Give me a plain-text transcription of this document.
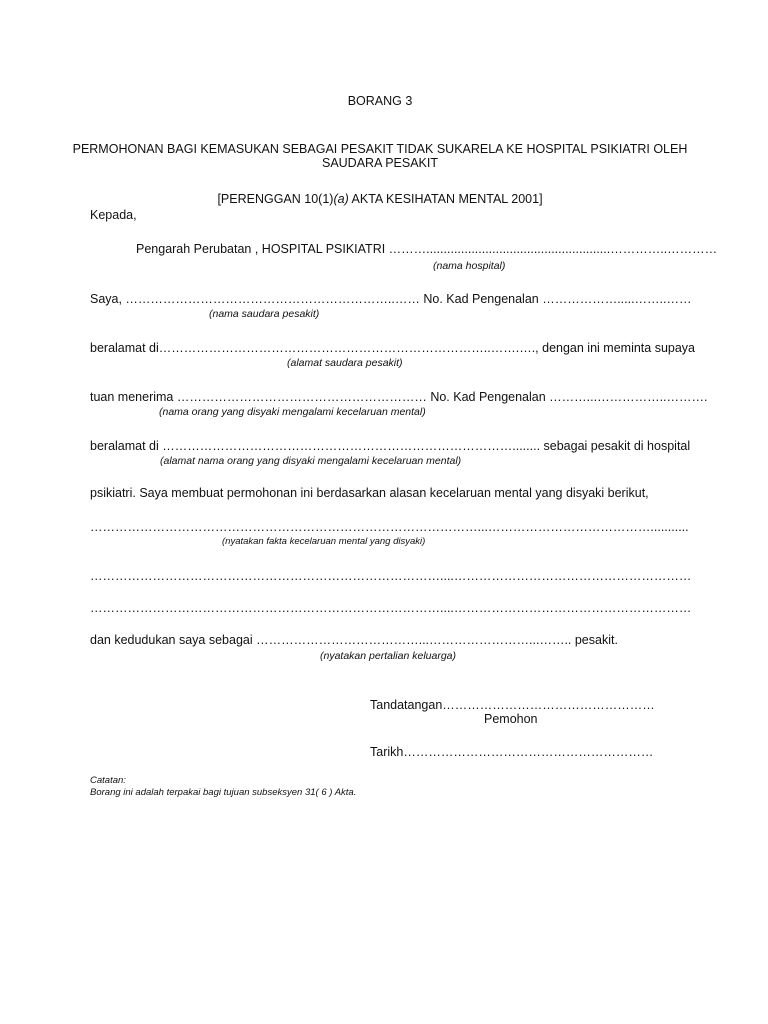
BORANG 3
PERMOHONAN BAGI KEMASUKAN SEBAGAI PESAKIT TIDAK SUKARELA KE HOSPITAL PSIKIATRI OLEH
SAUDARA PESAKIT
[PERENGGAN 10(1)(a) AKTA KESIHATAN MENTAL 2001]
Kepada,
Pengarah Perubatan , HOSPITAL PSIKIATRI ……….....................................................…………..…………
(nama hospital)
Saya, ………………………………………………………..…… No. Kad Pengenalan ……………….....……..……
(nama saudara pesakit)
beralamat di……………………………………………………………………..…….…., dengan ini meminta supaya
(alamat saudara pesakit)
tuan menerima …………………………………………………… No. Kad Pengenalan ………...……………..……….
(nama orang yang disyaki mengalami kecelaruan mental)
beralamat di …………………………………………………………………………........ sebagai pesakit di hospital
(alamat nama orang yang disyaki mengalami kecelaruan mental)
psikiatri. Saya membuat permohonan ini berdasarkan alasan kecelaruan mental yang disyaki berikut,
…………………………………………………………………………………...…………………………………...........
(nyatakan fakta kecelaruan mental yang disyaki)
…………………………………………………………………………....…………………………………………………
…………………………………………………………………………....…………………………………………………
dan kedudukan saya sebagai …………………………………...……………………...…….. pesakit.
(nyatakan pertalian keluarga)
Tandatangan……………………………………………
Pemohon
Tarikh……………………………………………………
Catatan:
Borang ini adalah terpakai bagi tujuan subseksyen 31( 6 ) Akta.
